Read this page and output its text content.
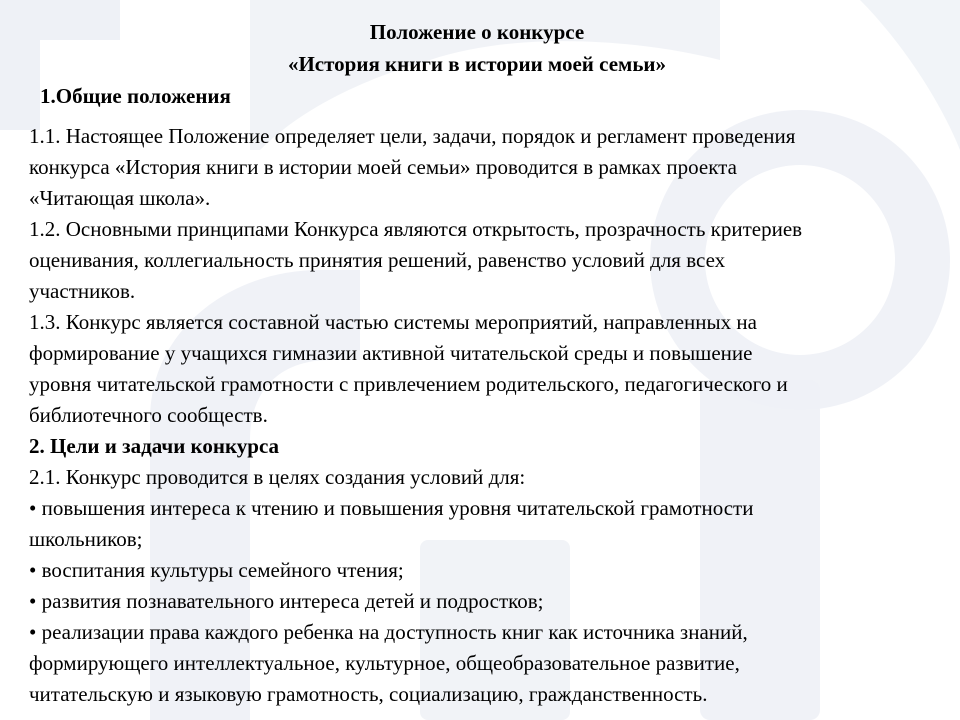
Положение о конкурсе
«История книги в истории моей семьи»
1.Общие положения
1.1. Настоящее Положение определяет цели, задачи, порядок и регламент проведения
конкурса «История книги в истории моей семьи» проводится в рамках проекта
«Читающая школа».
1.2. Основными принципами Конкурса являются открытость, прозрачность критериев
оценивания, коллегиальность принятия решений, равенство условий для всех
участников.
1.3. Конкурс является составной частью системы мероприятий, направленных на
формирование у учащихся гимназии активной читательской среды и повышение
уровня читательской грамотности с привлечением родительского, педагогического и
библиотечного сообществ.
2. Цели и задачи конкурса
2.1. Конкурс проводится в целях создания условий для:
• повышения интереса к чтению и повышения уровня читательской грамотности
школьников;
• воспитания культуры семейного чтения;
• развития познавательного интереса детей и подростков;
• реализации права каждого ребенка на доступность книг как источника знаний,
формирующего интеллектуальное, культурное, общеобразовательное развитие,
читательскую и языковую грамотность, социализацию, гражданственность.
